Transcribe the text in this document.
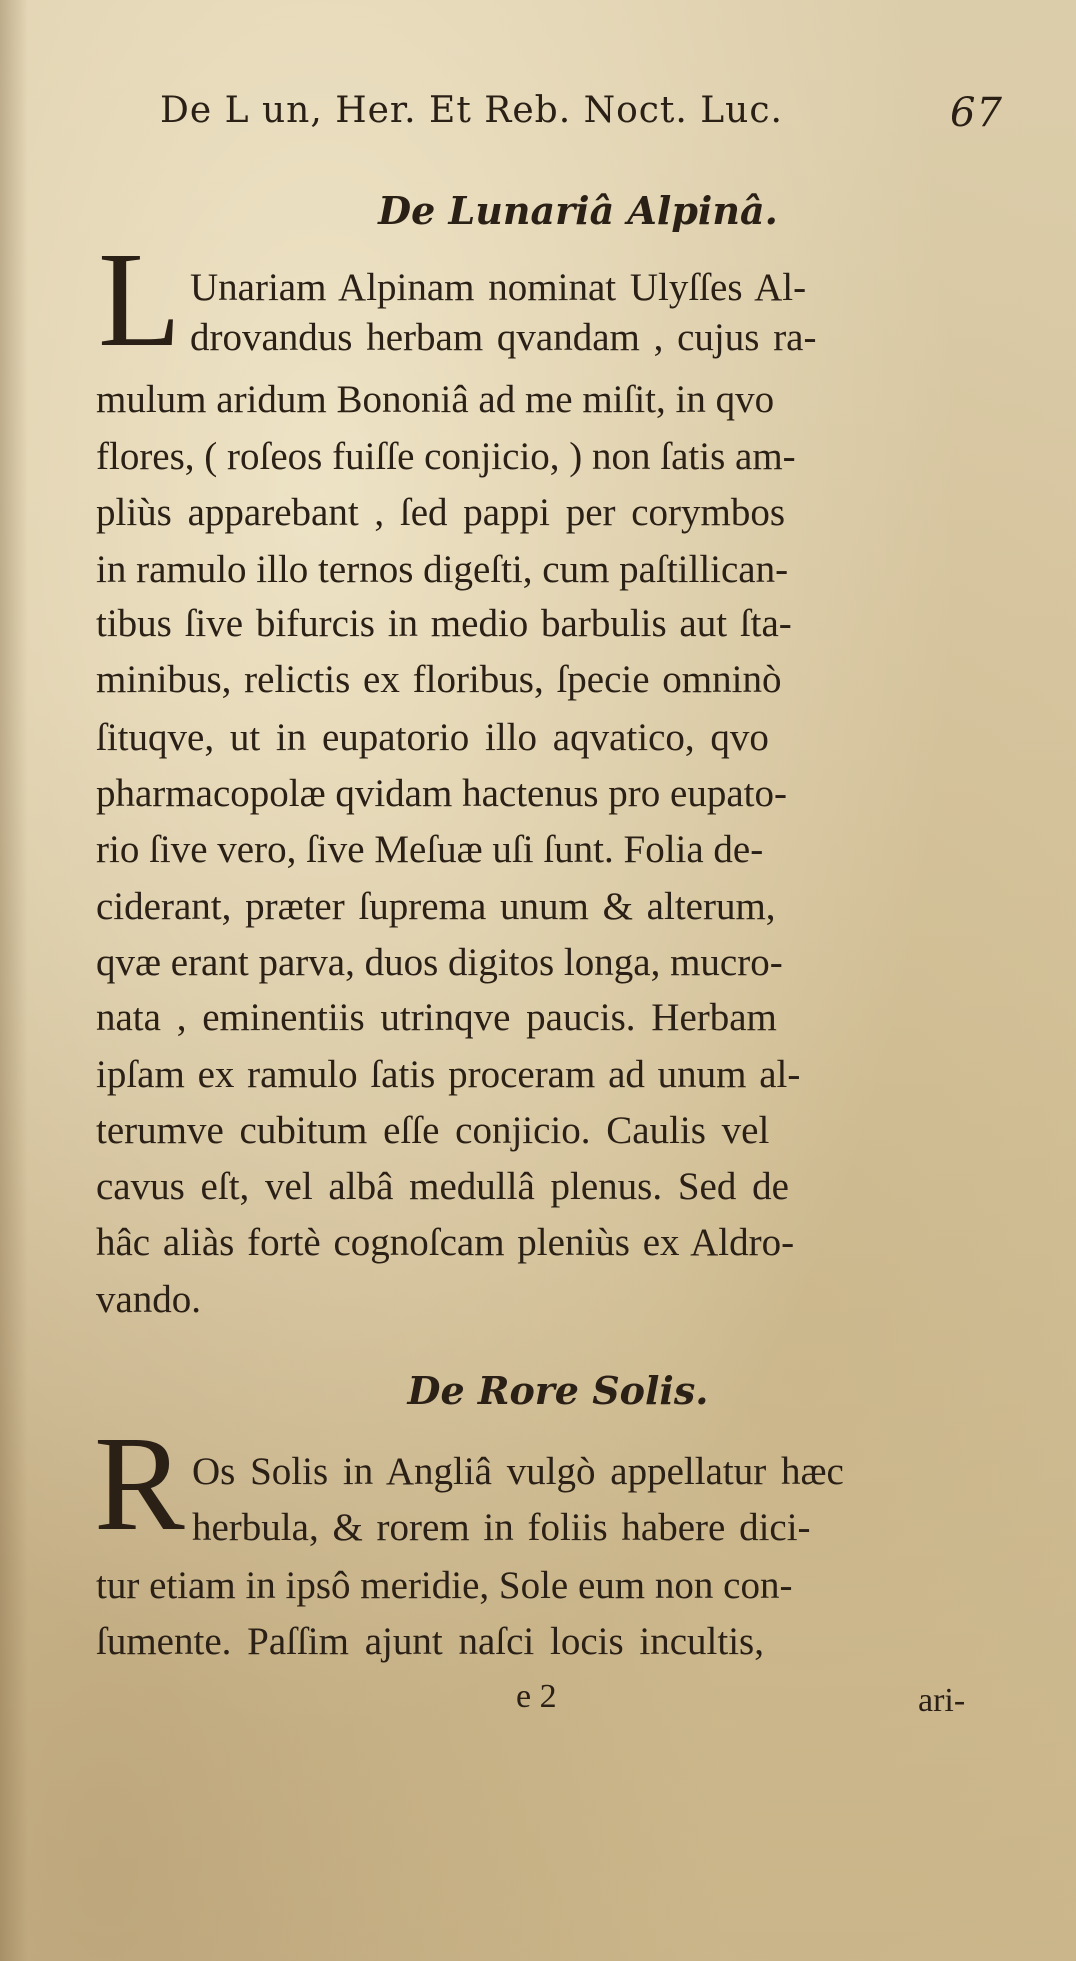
De L un, Her. Et Reb. Noct. Luc.	67
De Lunariâ Alpinâ.
L Unariam Alpinam nominat Ulyſſes Al-
drovandus herbam qvandam , cujus ra-
mulum aridum Bononiâ ad me miſit, in qvo
flores, ( roſeos fuiſſe conjicio, ) non ſatis am-
pliùs apparebant , ſed pappi per corymbos
in ramulo illo ternos digeſti, cum paſtillican-
tibus ſive bifurcis in medio barbulis aut ſta-
minibus, relictis ex floribus, ſpecie omninò
ſituqve, ut in eupatorio illo aqvatico, qvo
pharmacopolæ qvidam hactenus pro eupato-
rio ſive vero, ſive Meſuæ uſi ſunt. Folia de-
ciderant, præter ſuprema unum & alterum,
qvæ erant parva, duos digitos longa, mucro-
nata , eminentiis utrinqve paucis. Herbam
ipſam ex ramulo ſatis proceram ad unum al-
terumve cubitum eſſe conjicio. Caulis vel
cavus eſt, vel albâ medullâ plenus. Sed de
hâc aliàs fortè cognoſcam pleniùs ex Aldro-
vando.
De Rore Solis.
R Os Solis in Angliâ vulgò appellatur hæc
herbula, & rorem in foliis habere dici-
tur etiam in ipsô meridie, Sole eum non con-
ſumente. Paſſim ajunt naſci locis incultis,
e 2	ari-
